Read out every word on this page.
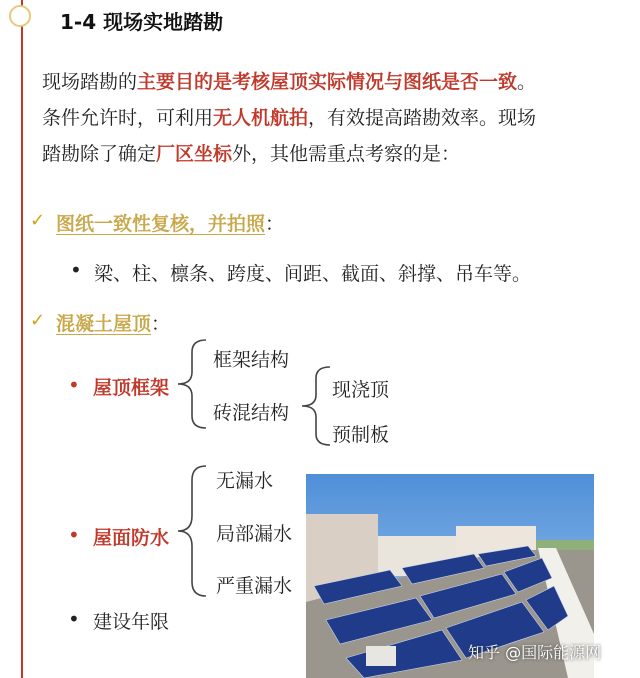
1-4 现场实地踏勘
现场踏勘的主要目的是考核屋顶实际情况与图纸是否一致。
条件允许时，可利用无人机航拍，有效提高踏勘效率。现场
踏勘除了确定厂区坐标外，其他需重点考察的是：
✓ 图纸一致性复核，并拍照：
• 梁、柱、檩条、跨度、间距、截面、斜撑、吊车等。
✓ 混凝土屋顶：
• 屋顶框架
框架结构
砖混结构
现浇顶
预制板
• 屋面防水
无漏水
局部漏水
严重漏水
• 建设年限
知乎 @国际能源网
